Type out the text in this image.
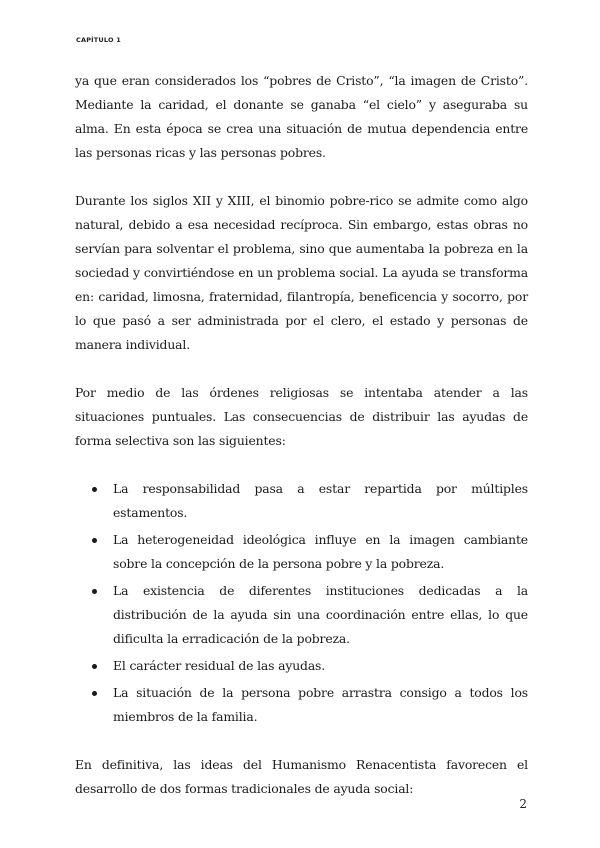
CAPÍTULO 1

ya que eran considerados los “pobres de Cristo”, “la imagen de Cristo”. Mediante la caridad, el donante se ganaba “el cielo” y aseguraba su alma. En esta época se crea una situación de mutua dependencia entre las personas ricas y las personas pobres.

Durante los siglos XII y XIII, el binomio pobre-rico se admite como algo natural, debido a esa necesidad recíproca. Sin embargo, estas obras no servían para solventar el problema, sino que aumentaba la pobreza en la sociedad y convirtiéndose en un problema social. La ayuda se transforma en: caridad, limosna, fraternidad, filantropía, beneficencia y socorro, por lo que pasó a ser administrada por el clero, el estado y personas de manera individual.

Por medio de las órdenes religiosas se intentaba atender a las situaciones puntuales. Las consecuencias de distribuir las ayudas de forma selectiva son las siguientes:

La responsabilidad pasa a estar repartida por múltiples estamentos.
La heterogeneidad ideológica influye en la imagen cambiante sobre la concepción de la persona pobre y la pobreza.
La existencia de diferentes instituciones dedicadas a la distribución de la ayuda sin una coordinación entre ellas, lo que dificulta la erradicación de la pobreza.
El carácter residual de las ayudas.
La situación de la persona pobre arrastra consigo a todos los miembros de la familia.

En definitiva, las ideas del Humanismo Renacentista favorecen el desarrollo de dos formas tradicionales de ayuda social:

2
